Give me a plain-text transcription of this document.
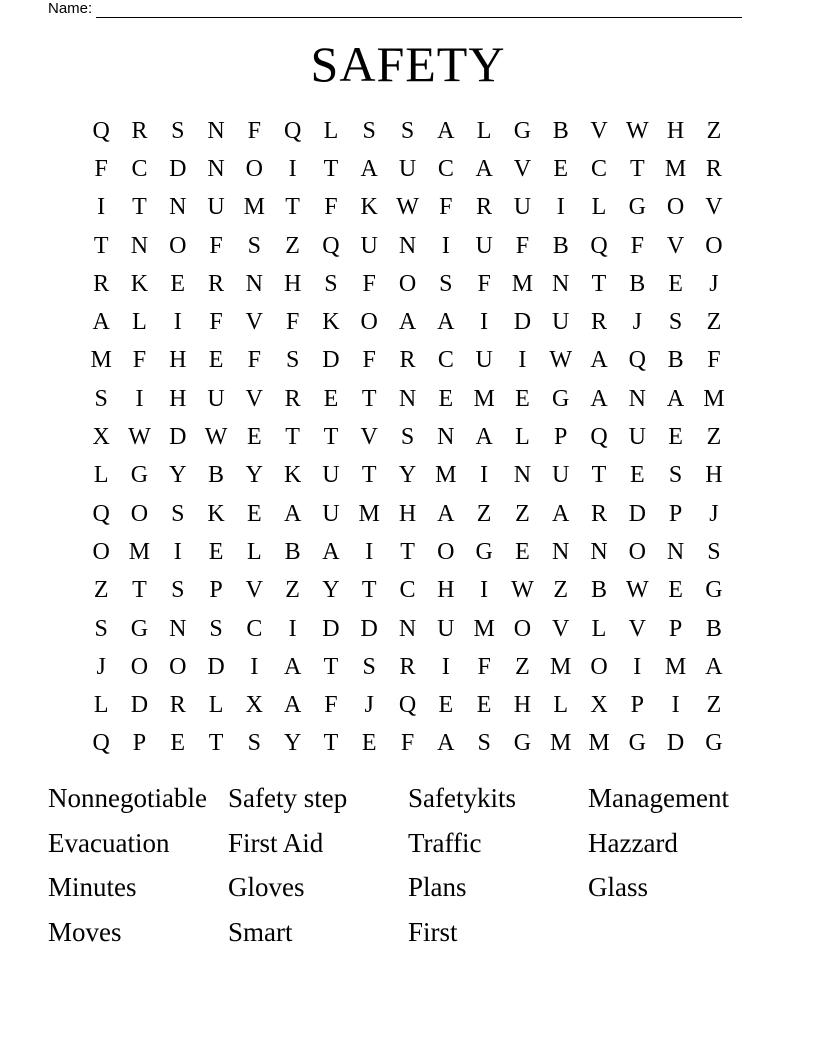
Name:
SAFETY
Q R S N F Q L	S	S A L G B V W H Z
F C D N O	I	T A U C A V E C T M R
I	T N U M T	F K W F R U	I	L G O V
T N O F	S	Z Q U N	I	U F B Q F V O
R K E R N H S	F O S	F M N T B E	J
A L	I	F V F K O A A	I	D U R	J	S	Z
M F H E	F	S D F R C U	I W A Q B F
S	I	H U V R E T N E M E G A N A M
X W D W E T T V S N A L	P Q U E Z
L G Y B Y K U T Y M I	N U T E	S H
Q O S K E A U M H A Z Z A R D P	J
O M I	E L B A	I	T O G E N N O N S
Z T	S	P V Z Y T C H	I W Z B W E G
S G N S C	I	D D N U M O V L V P B
J	O O D	I	A T	S R	I	F	Z M O	I M A
L D R L X A F	J	Q E E H L X P	I	Z
Q P	E T	S Y T E	F A S G M M G D G
Nonnegotiable Safety step	Safetykits	Management
Evacuation	First Aid	Traffic	Hazzard
Minutes	Gloves	Plans	Glass
Moves	Smart	First
